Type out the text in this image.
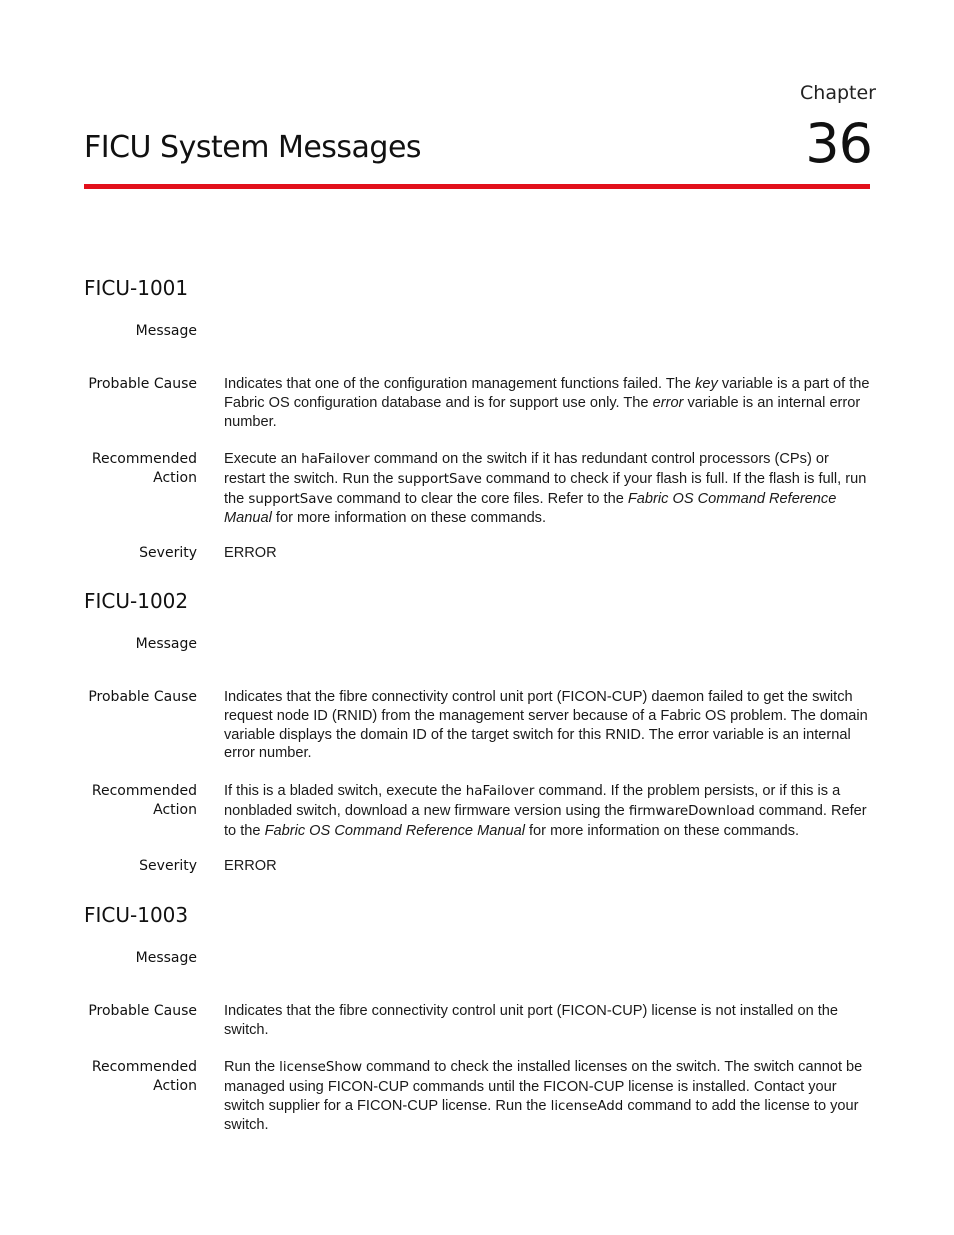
Chapter
36
FICU System Messages
FICU-1001
Message
Probable Cause Indicates that one of the configuration management functions failed. The key variable is a part of the Fabric OS configuration database and is for support use only. The error variable is an internal error number.
Recommended
Action
Execute an haFailover command on the switch if it has redundant control processors (CPs) or restart the switch. Run the supportSave command to check if your flash is full. If the flash is full, run the supportSave command to clear the core files. Refer to the Fabric OS Command Reference Manual for more information on these commands.
Severity ERROR
FICU-1002
Message
Probable Cause Indicates that the fibre connectivity control unit port (FICON-CUP) daemon failed to get the switch request node ID (RNID) from the management server because of a Fabric OS problem. The domain variable displays the domain ID of the target switch for this RNID. The error variable is an internal error number.
Recommended
Action
If this is a bladed switch, execute the haFailover command. If the problem persists, or if this is a nonbladed switch, download a new firmware version using the firmwareDownload command. Refer to the Fabric OS Command Reference Manual for more information on these commands.
Severity ERROR
FICU-1003
Message
Probable Cause Indicates that the fibre connectivity control unit port (FICON-CUP) license is not installed on the switch.
Recommended
Action
Run the licenseShow command to check the installed licenses on the switch. The switch cannot be managed using FICON-CUP commands until the FICON-CUP license is installed. Contact your switch supplier for a FICON-CUP license. Run the licenseAdd command to add the license to your switch.
